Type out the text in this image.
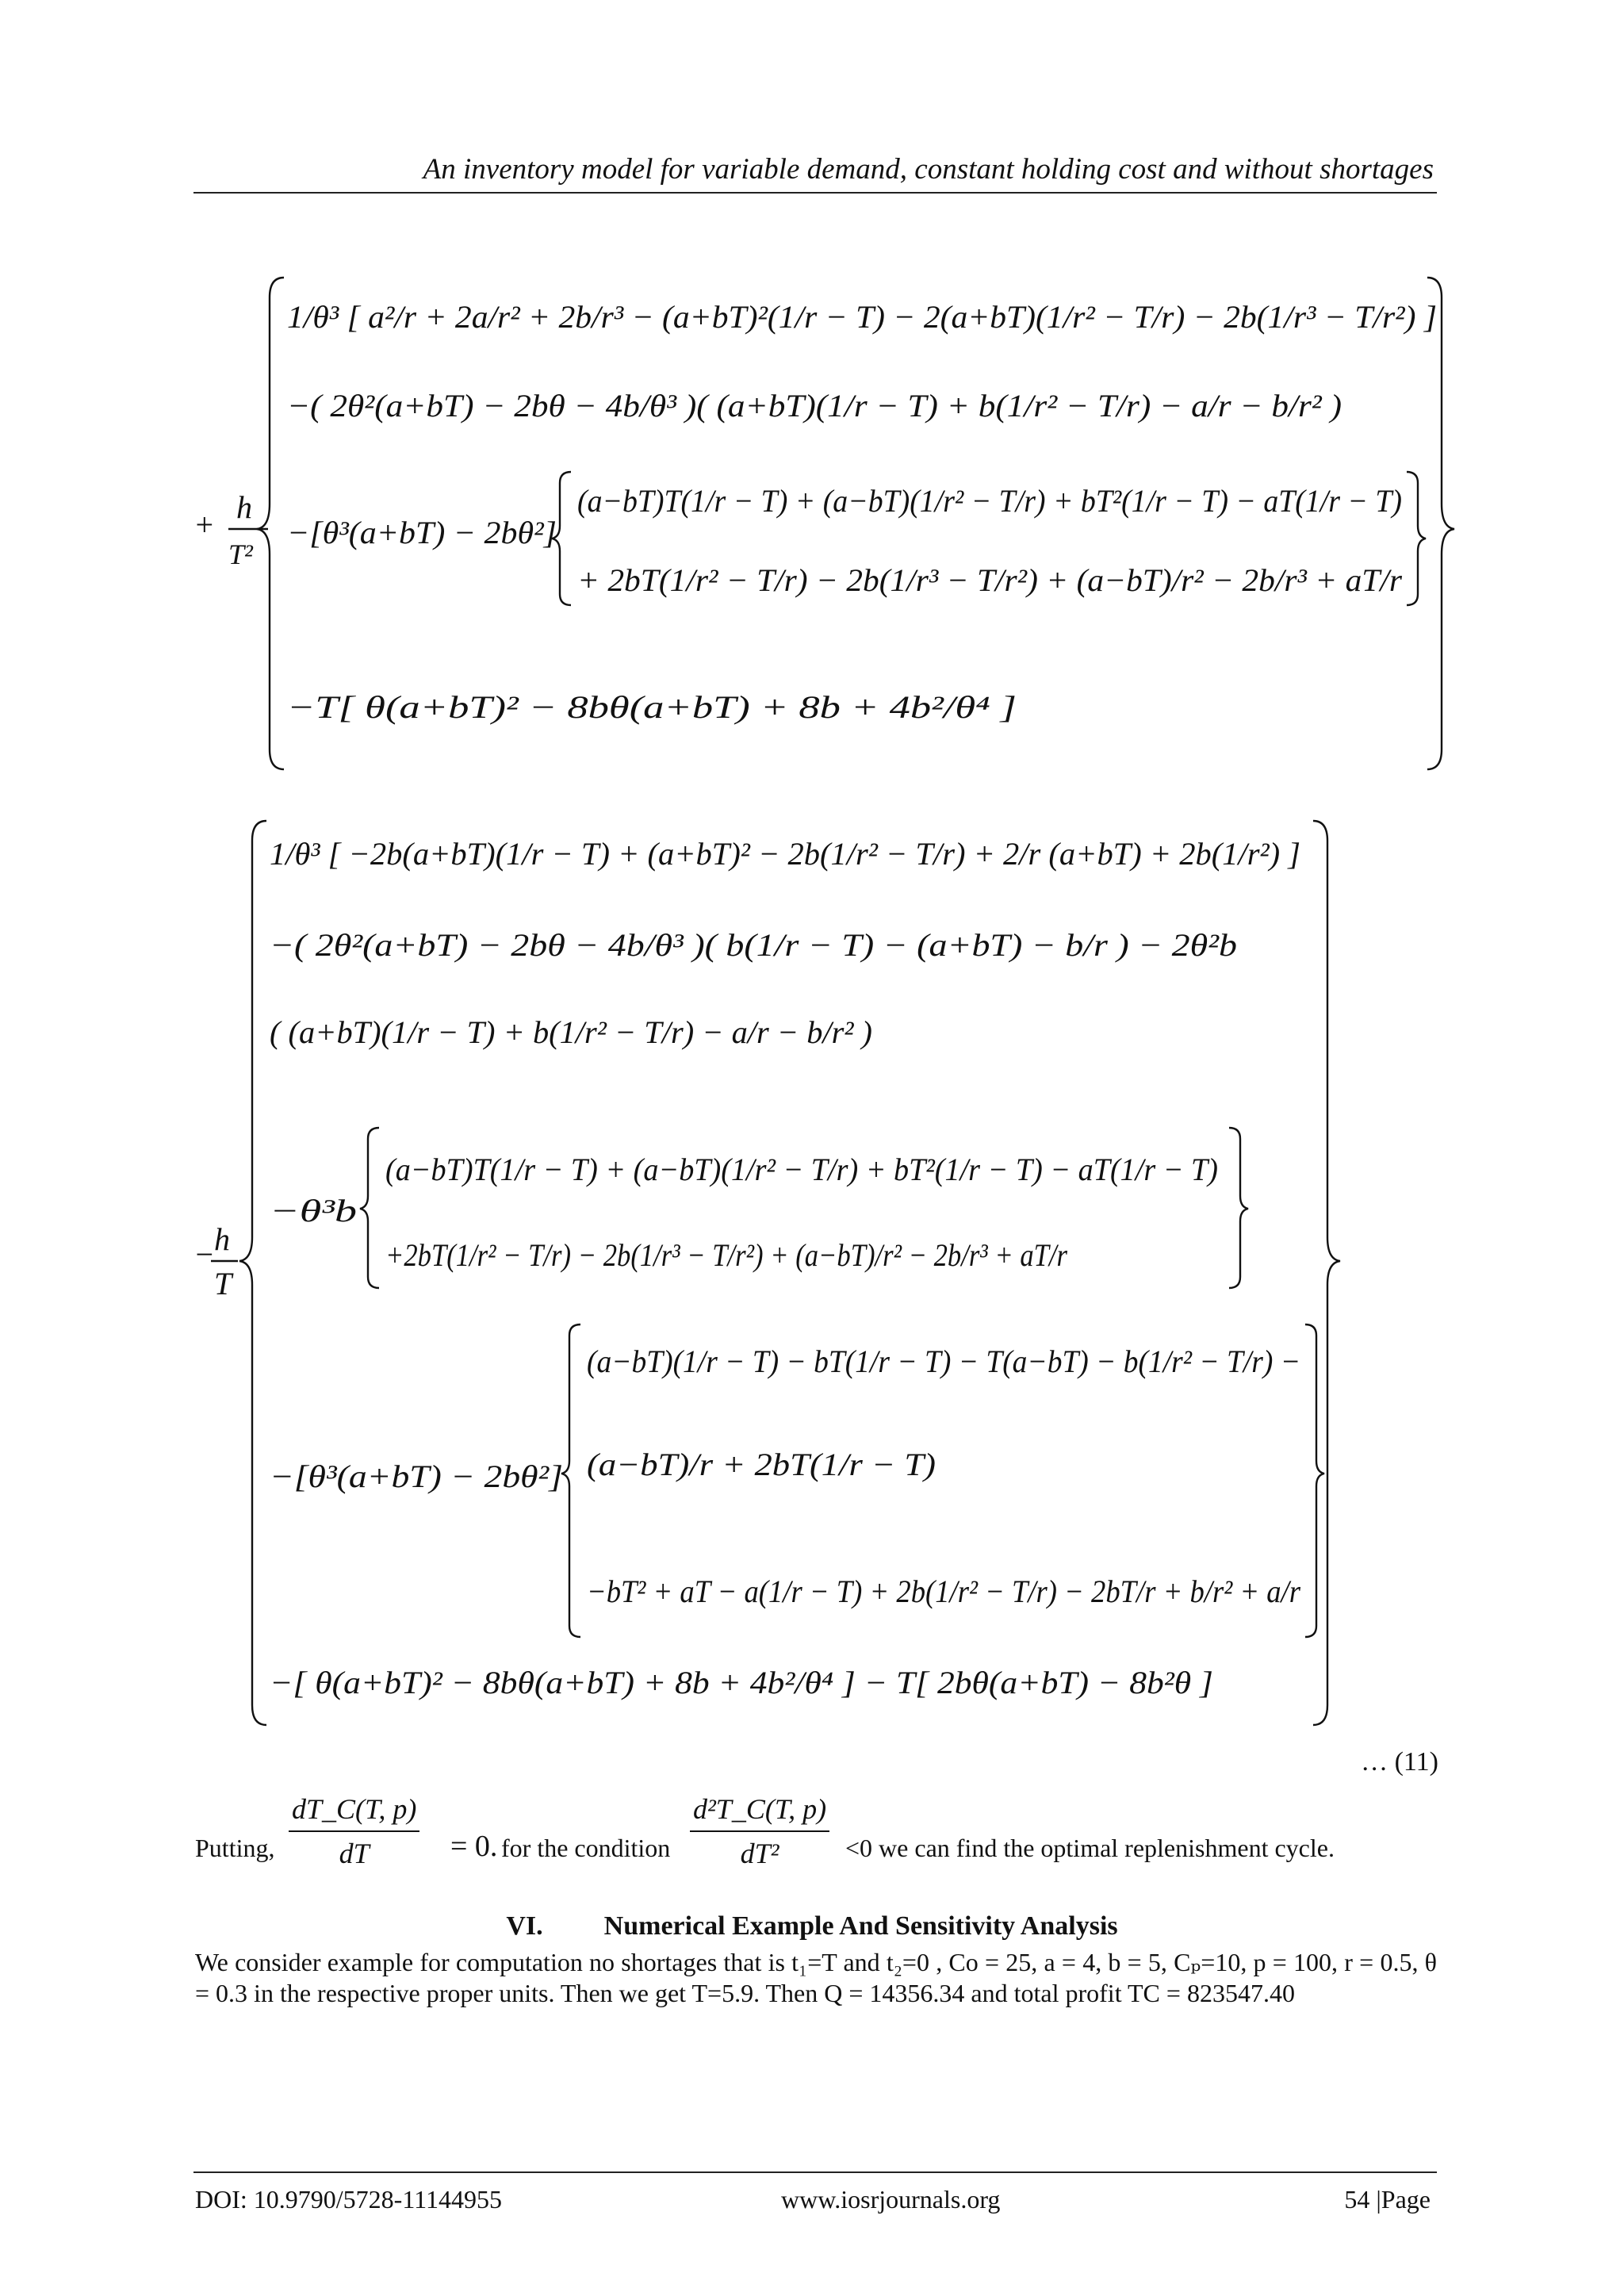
An inventory model for variable demand, constant holding cost and without shortages
+ h
T²
1/θ³ [ a²/r + 2a/r² + 2b/r³ − (a+bT)²(1/r − T) − 2(a+bT)(1/r² − T/r) − 2b(1/r³ − T/r²) ]
−( 2θ²(a+bT) − 2bθ − 4b/θ³ )( (a+bT)(1/r − T) + b(1/r² − T/r) − a/r − b/r² )
−[θ³(a+bT) − 2bθ²]
(a−bT)T(1/r − T) + (a−bT)(1/r² − T/r) + bT²(1/r − T) − aT(1/r − T)
+ 2bT(1/r² − T/r) − 2b(1/r³ − T/r²) + (a−bT)/r² − 2b/r³ + aT/r
−T[ θ(a+bT)² − 8bθ(a+bT) + 8b + 4b²/θ⁴ ]
− h
T
1/θ³ [ −2b(a+bT)(1/r − T) + (a+bT)² − 2b(1/r² − T/r) + 2/r (a+bT) + 2b(1/r²) ]
−( 2θ²(a+bT) − 2bθ − 4b/θ³ )( b(1/r − T) − (a+bT) − b/r ) − 2θ²b
( (a+bT)(1/r − T) + b(1/r² − T/r) − a/r − b/r² )
−θ³b
(a−bT)T(1/r − T) + (a−bT)(1/r² − T/r) + bT²(1/r − T) − aT(1/r − T)
+2bT(1/r² − T/r) − 2b(1/r³ − T/r²) + (a−bT)/r² − 2b/r³ + aT/r
−[θ³(a+bT) − 2bθ²]
(a−bT)(1/r − T) − bT(1/r − T) − T(a−bT) − b(1/r² − T/r) −
(a−bT)/r + 2bT(1/r − T)
−bT² + aT − a(1/r − T) + 2b(1/r² − T/r) − 2bT/r + b/r² + a/r
−[ θ(a+bT)² − 8bθ(a+bT) + 8b + 4b²/θ⁴ ] − T[ 2bθ(a+bT) − 8b²θ ]
… (11)
Putting, $\frac{dT\_C(T, p)}{dT} = 0$. for the condition $\frac{\text{d²T\_C(T, p)}}{\text{dT²}} <0$ we can find the optimal replenishment cycle.
VI. Numerical Example And Sensitivity Analysis
We consider example for computation no shortages that is t₁=T and t₂=0 , Co = 25, a = 4, b = 5, Cₚ=10, p = 100, r = 0.5, θ = 0.3 in the respective proper units. Then we get T=5.9. Then Q = 14356.34 and total profit TC = 823547.40
DOI: 10.9790/5728-11144955	www.iosrjournals.org	54 |Page
